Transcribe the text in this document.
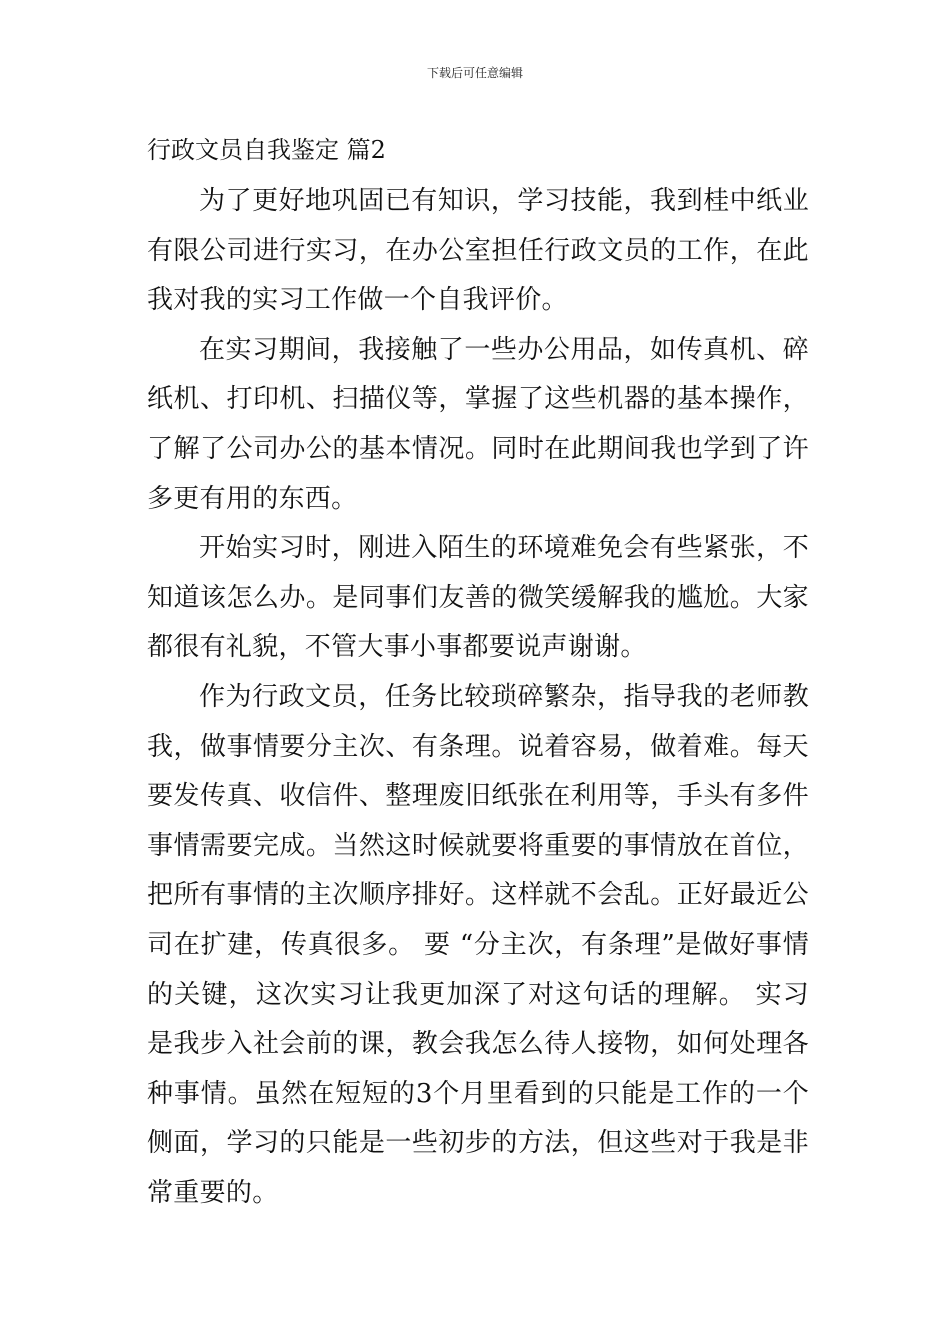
下载后可任意编辑
行政文员自我鉴定 篇2

为了更好地巩固已有知识，学习技能，我到桂中纸业有限公司进行实习，在办公室担任行政文员的工作，在此我对我的实习工作做一个自我评价。

在实习期间，我接触了一些办公用品，如传真机、碎纸机、打印机、扫描仪等，掌握了这些机器的基本操作，了解了公司办公的基本情况。同时在此期间我也学到了许多更有用的东西。

开始实习时，刚进入陌生的环境难免会有些紧张，不知道该怎么办。是同事们友善的微笑缓解我的尴尬。大家都很有礼貌，不管大事小事都要说声谢谢。

作为行政文员，任务比较琐碎繁杂，指导我的老师教我，做事情要分主次、有条理。说着容易，做着难。每天要发传真、收信件、整理废旧纸张在利用等，手头有多件事情需要完成。当然这时候就要将重要的事情放在首位，把所有事情的主次顺序排好。这样就不会乱。正好最近公司在扩建，传真很多。 要 “分主次，有条理”是做好事情的关键，这次实习让我更加深了对这句话的理解。 实习是我步入社会前的课，教会我怎么待人接物，如何处理各种事情。虽然在短短的3个月里看到的只能是工作的一个侧面，学习的只能是一些初步的方法，但这些对于我是非常重要的。
